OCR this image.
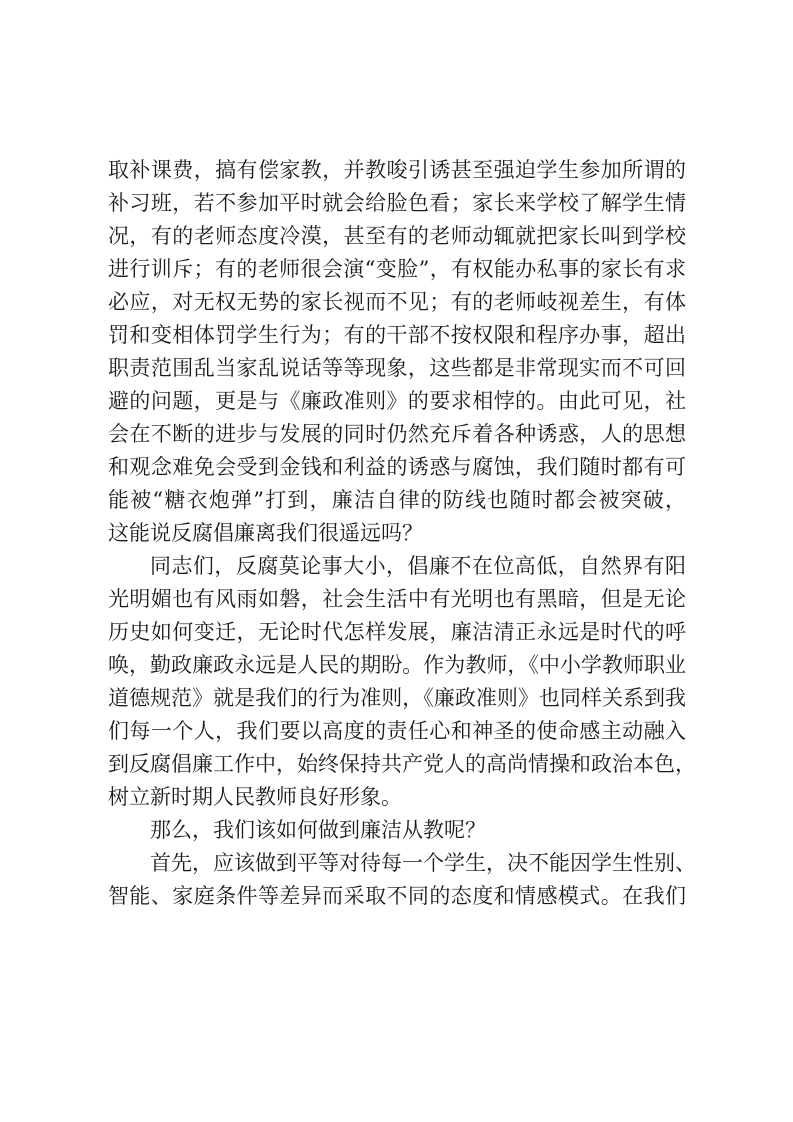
取补课费，搞有偿家教，并教唆引诱甚至强迫学生参加所谓的
补习班，若不参加平时就会给脸色看；家长来学校了解学生情
况，有的老师态度冷漠，甚至有的老师动辄就把家长叫到学校
进行训斥；有的老师很会演“变脸”，有权能办私事的家长有求
必应，对无权无势的家长视而不见；有的老师岐视差生，有体
罚和变相体罚学生行为；有的干部不按权限和程序办事，超出
职责范围乱当家乱说话等等现象，这些都是非常现实而不可回
避的问题，更是与《廉政准则》的要求相悖的。由此可见，社
会在不断的进步与发展的同时仍然充斥着各种诱惑，人的思想
和观念难免会受到金钱和利益的诱惑与腐蚀，我们随时都有可
能被“糖衣炮弹”打到，廉洁自律的防线也随时都会被突破，
这能说反腐倡廉离我们很遥远吗？
同志们，反腐莫论事大小，倡廉不在位高低，自然界有阳
光明媚也有风雨如磐，社会生活中有光明也有黑暗，但是无论
历史如何变迁，无论时代怎样发展，廉洁清正永远是时代的呼
唤，勤政廉政永远是人民的期盼。作为教师，《中小学教师职业
道德规范》就是我们的行为准则，《廉政准则》也同样关系到我
们每一个人，我们要以高度的责任心和神圣的使命感主动融入
到反腐倡廉工作中，始终保持共产党人的高尚情操和政治本色，
树立新时期人民教师良好形象。
那么，我们该如何做到廉洁从教呢？
首先，应该做到平等对待每一个学生，决不能因学生性别、
智能、家庭条件等差异而采取不同的态度和情感模式。在我们
